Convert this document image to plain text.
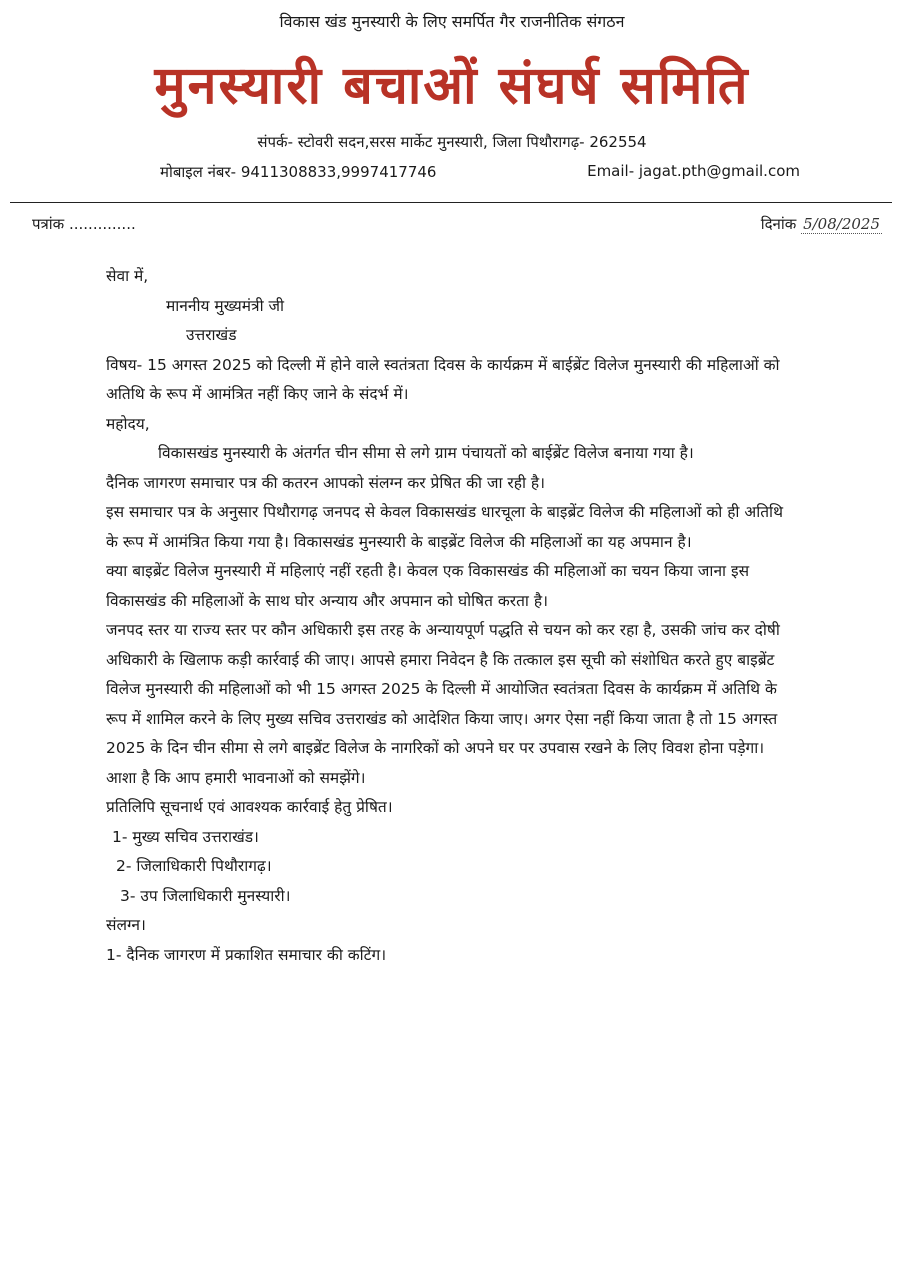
विकास खंड मुनस्यारी के लिए समर्पित गैर राजनीतिक संगठन
मुनस्यारी बचाओं संघर्ष समिति
संपर्क- स्टोवरी सदन,सरस मार्केट मुनस्यारी, जिला पिथौरागढ़- 262554
मोबाइल नंबर- 9411308833,9997417746	Email- jagat.pth@gmail.com
पत्रांक ..............	दिनांक 5/08/2025

सेवा में,

माननीय मुख्यमंत्री जी

उत्तराखंड

विषय- 15 अगस्त 2025 को दिल्ली में होने वाले स्वतंत्रता दिवस के कार्यक्रम में बाईब्रेंट विलेज मुनस्यारी की महिलाओं को अतिथि के रूप में आमंत्रित नहीं किए जाने के संदर्भ में।

महोदय,

विकासखंड मुनस्यारी के अंतर्गत चीन सीमा से लगे ग्राम पंचायतों को बाईब्रेंट विलेज बनाया गया है।

दैनिक जागरण समाचार पत्र की कतरन आपको संलग्न कर प्रेषित की जा रही है।

इस समाचार पत्र के अनुसार पिथौरागढ़ जनपद से केवल विकासखंड धारचूला के बाइब्रेंट विलेज की महिलाओं को ही अतिथि के रूप में आमंत्रित किया गया है। विकासखंड मुनस्यारी के बाइब्रेंट विलेज की महिलाओं का यह अपमान है।

क्या बाइब्रेंट विलेज मुनस्यारी में महिलाएं नहीं रहती है। केवल एक विकासखंड की महिलाओं का चयन किया जाना इस विकासखंड की महिलाओं के साथ घोर अन्याय और अपमान को घोषित करता है।

जनपद स्तर या राज्य स्तर पर कौन अधिकारी इस तरह के अन्यायपूर्ण पद्धति से चयन को कर रहा है, उसकी जांच कर दोषी अधिकारी के खिलाफ कड़ी कार्रवाई की जाए। आपसे हमारा निवेदन है कि तत्काल इस सूची को संशोधित करते हुए बाइब्रेंट विलेज मुनस्यारी की महिलाओं को भी 15 अगस्त 2025 के दिल्ली में आयोजित स्वतंत्रता दिवस के कार्यक्रम में अतिथि के रूप में शामिल करने के लिए मुख्य सचिव उत्तराखंड को आदेशित किया जाए। अगर ऐसा नहीं किया जाता है तो 15 अगस्त 2025 के दिन चीन सीमा से लगे बाइब्रेंट विलेज के नागरिकों को अपने घर पर उपवास रखने के लिए विवश होना पड़ेगा।

आशा है कि आप हमारी भावनाओं को समझेंगे।

प्रतिलिपि सूचनार्थ एवं आवश्यक कार्रवाई हेतु प्रेषित।

1- मुख्य सचिव उत्तराखंड।

2- जिलाधिकारी पिथौरागढ़।

3- उप जिलाधिकारी मुनस्यारी।

संलग्न।

1- दैनिक जागरण में प्रकाशित समाचार की कटिंग।
